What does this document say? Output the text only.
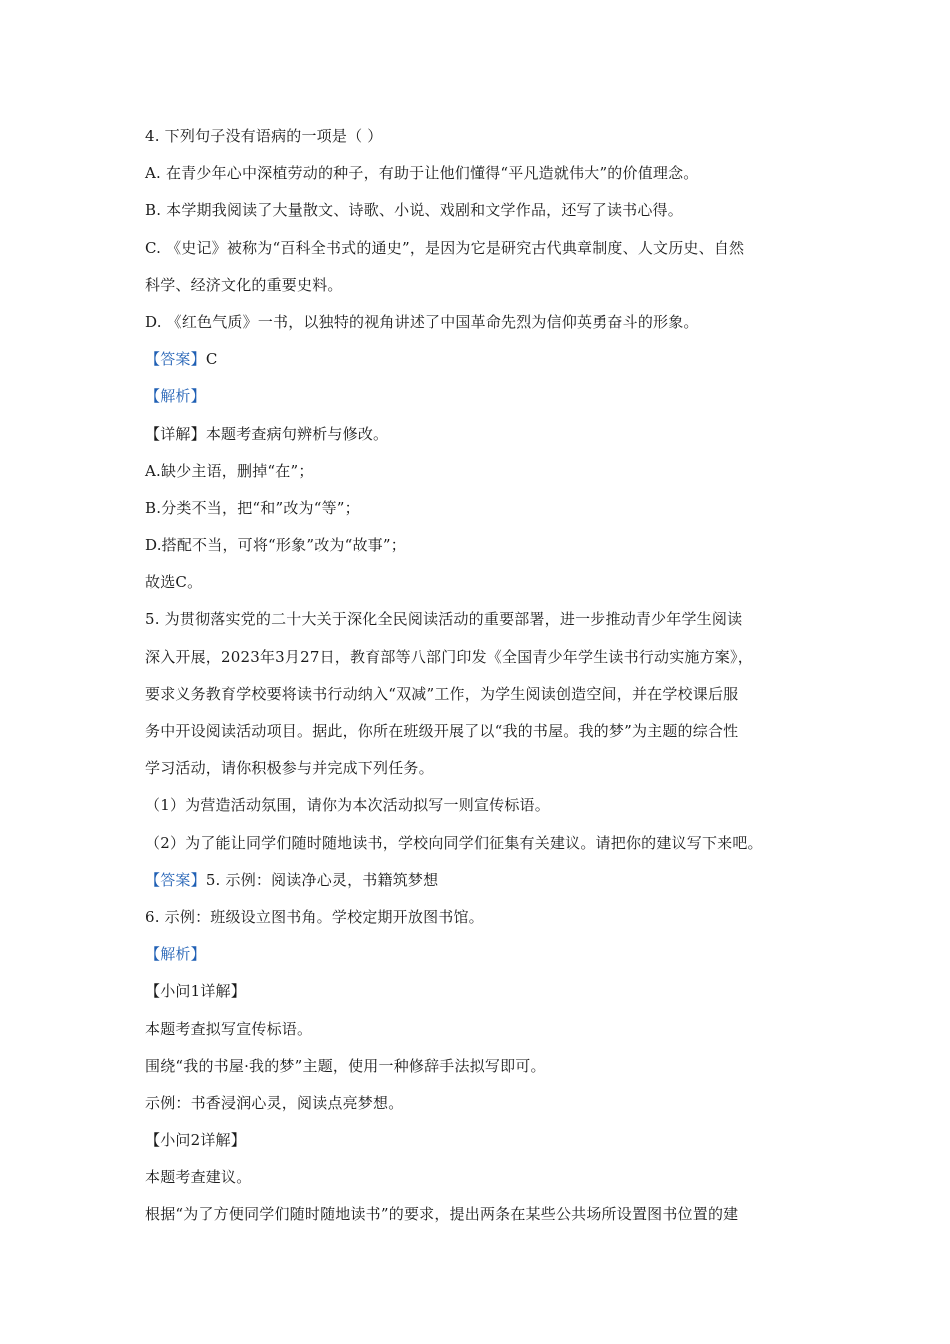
4. 下列句子没有语病的一项是（ ）
A. 在青少年心中深植劳动的种子，有助于让他们懂得“平凡造就伟大”的价值理念。
B. 本学期我阅读了大量散文、诗歌、小说、戏剧和文学作品，还写了读书心得。
C. 《史记》被称为“百科全书式的通史”，是因为它是研究古代典章制度、人文历史、自然
科学、经济文化的重要史料。
D. 《红色气质》一书，以独特的视角讲述了中国革命先烈为信仰英勇奋斗的形象。
【答案】C
【解析】
【详解】本题考查病句辨析与修改。
A.缺少主语，删掉“在”；
B.分类不当，把“和”改为“等”；
D.搭配不当，可将“形象”改为“故事”；
故选C。
5. 为贯彻落实党的二十大关于深化全民阅读活动的重要部署，进一步推动青少年学生阅读
深入开展，2023年3月27日，教育部等八部门印发《全国青少年学生读书行动实施方案》，
要求义务教育学校要将读书行动纳入“双减”工作，为学生阅读创造空间，并在学校课后服
务中开设阅读活动项目。据此，你所在班级开展了以“我的书屋。我的梦”为主题的综合性
学习活动，请你积极参与并完成下列任务。
（1）为营造活动氛围，请你为本次活动拟写一则宣传标语。
（2）为了能让同学们随时随地读书，学校向同学们征集有关建议。请把你的建议写下来吧。
【答案】5. 示例：阅读净心灵，书籍筑梦想
6. 示例：班级设立图书角。学校定期开放图书馆。
【解析】
【小问1详解】
本题考查拟写宣传标语。
围绕“我的书屋·我的梦”主题，使用一种修辞手法拟写即可。
示例：书香浸润心灵，阅读点亮梦想。
【小问2详解】
本题考查建议。
根据“为了方便同学们随时随地读书”的要求，提出两条在某些公共场所设置图书位置的建
